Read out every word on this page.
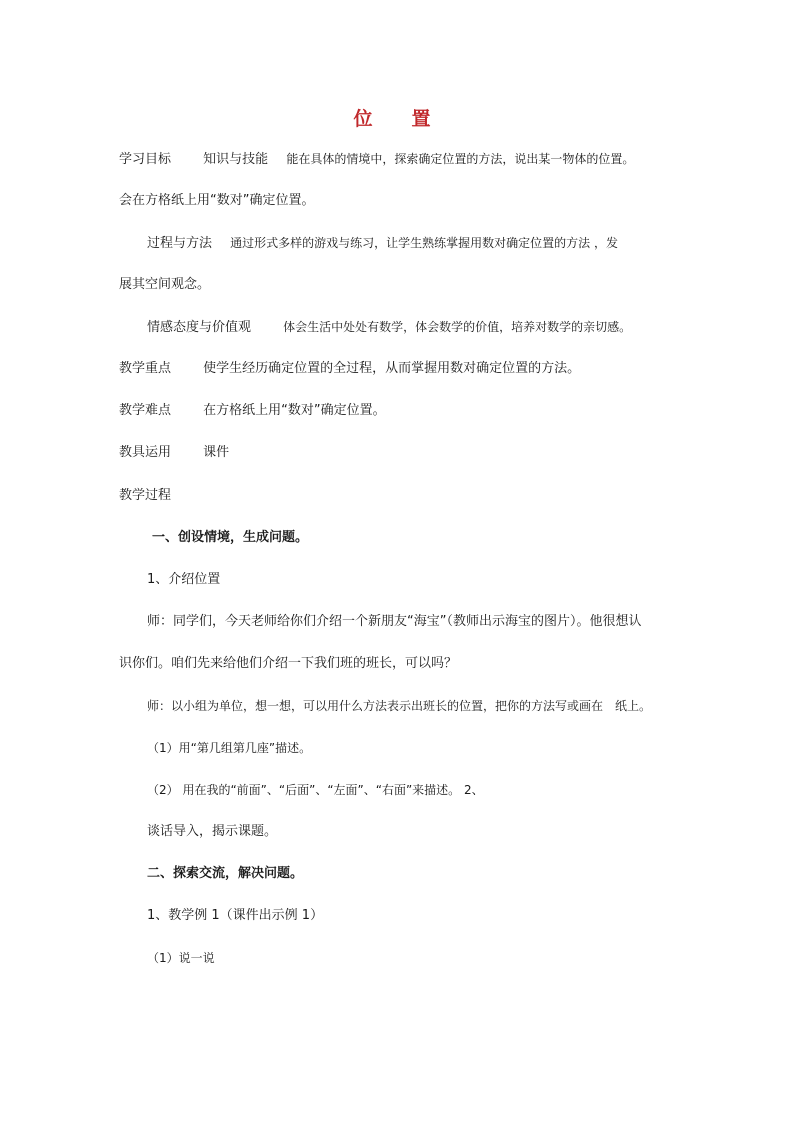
位　置
学习目标 知识与技能 能在具体的情境中，探索确定位置的方法，说出某一物体的位置。
会在方格纸上用“数对”确定位置。
过程与方法 通过形式多样的游戏与练习，让学生熟练掌握用数对确定位置的方法 ，发
展其空间观念。
情感态度与价值观	体会生活中处处有数学，体会数学的价值，培养对数学的亲切感。
教学重点 使学生经历确定位置的全过程，从而掌握用数对确定位置的方法。
教学难点 在方格纸上用“数对”确定位置。
教具运用 课件
教学过程
一、创设情境，生成问题。
1、介绍位置
师：同学们，今天老师给你们介绍一个新朋友“海宝”（教师出示海宝的图片）。他很想认
识你们。咱们先来给他们介绍一下我们班的班长，可以吗？
师：以小组为单位，想一想，可以用什么方法表示出班长的位置，把你的方法写或画在　纸上。
（1）用“第几组第几座”描述。
（2） 用在我的“前面”、“后面”、“左面”、“右面”来描述。 2、
谈话导入，揭示课题。
二、探索交流，解决问题。
1、教学例 1（课件出示例 1）
（1）说一说
